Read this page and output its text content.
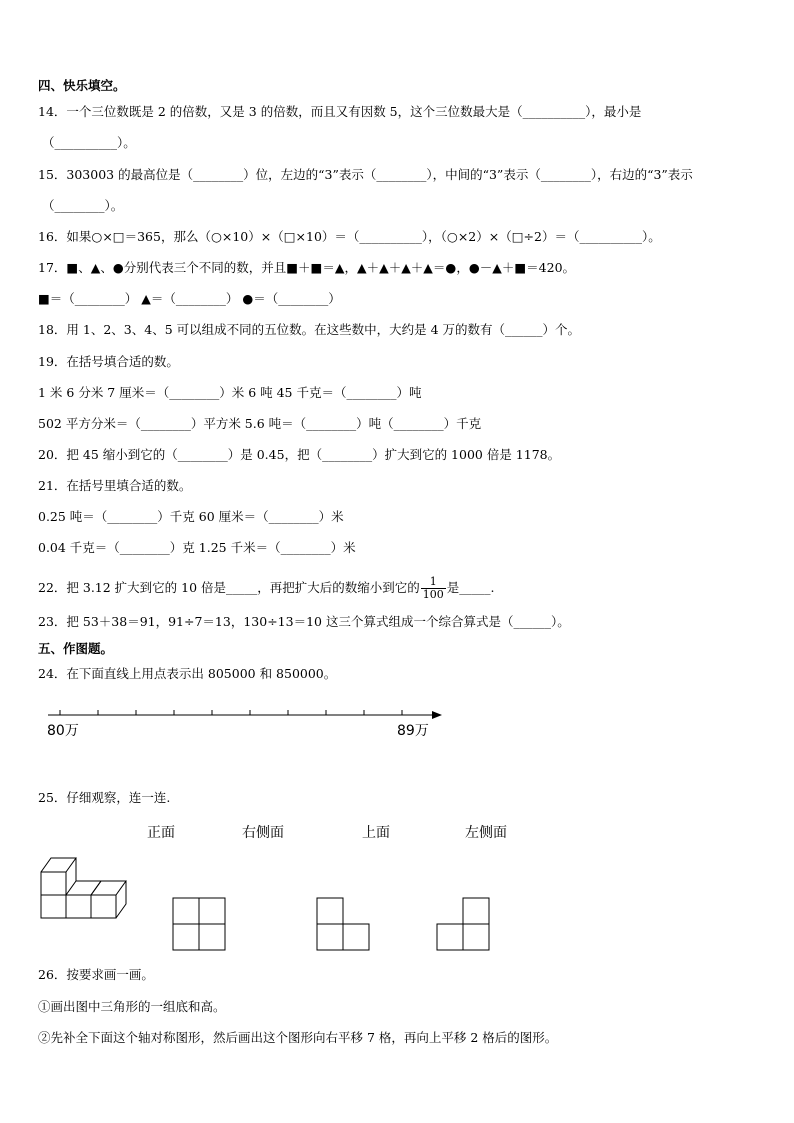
四、快乐填空。
14．一个三位数既是 2 的倍数，又是 3 的倍数，而且又有因数 5，这个三位数最大是（__________），最小是
（__________）。
15．303003 的最高位是（________）位，左边的“3”表示（________），中间的“3”表示（________），右边的“3”表示
（________）。
16．如果○×□＝365，那么（○×10）×（□×10）＝（__________），（○×2）×（□÷2）＝（__________）。
17．■、▲、●分别代表三个不同的数，并且■＋■＝▲，▲＋▲＋▲＋▲＝●，●－▲＋■＝420。
■＝（________） ▲＝（________） ●＝（________）
18．用 1、2、3、4、5 可以组成不同的五位数。在这些数中，大约是 4 万的数有（______）个。
19．在括号填合适的数。
1 米 6 分米 7 厘米＝（________）米 6 吨 45 千克＝（________）吨
502 平方分米＝（________）平方米 5.6 吨＝（________）吨（________）千克
20．把 45 缩小到它的（________）是 0.45，把（________）扩大到它的 1000 倍是 1178。
21．在括号里填合适的数。
0.25 吨＝（________）千克 60 厘米＝（________）米
0.04 千克＝（________）克 1.25 千米＝（________）米
22．把 3.12 扩大到它的 10 倍是_____，再把扩大后的数缩小到它的 $\frac{1}{100}$ 是_____.
23．把 53＋38＝91，91÷7＝13，130÷13＝10 这三个算式组成一个综合算式是（______）。
五、作图题。
24．在下面直线上用点表示出 805000 和 850000。
80万	89万
25．仔细观察，连一连.
正面	右侧面	上面	左侧面
26．按要求画一画。
①画出图中三角形的一组底和高。
②先补全下面这个轴对称图形，然后画出这个图形向右平移 7 格，再向上平移 2 格后的图形。
